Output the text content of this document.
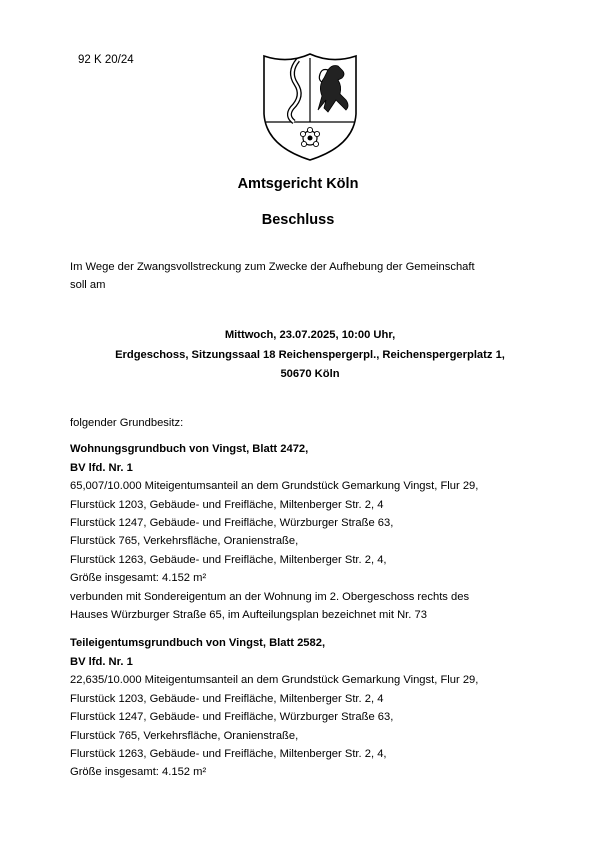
92 K 20/24
Amtsgericht Köln
Beschluss
Im Wege der Zwangsvollstreckung zum Zwecke der Aufhebung der Gemeinschaft
soll am
Mittwoch, 23.07.2025, 10:00 Uhr,
Erdgeschoss, Sitzungssaal 18 Reichenspergerpl., Reichenspergerplatz 1,
50670 Köln

folgender Grundbesitz:

Wohnungsgrundbuch von Vingst, Blatt 2472,

BV lfd. Nr. 1

65,007/10.000 Miteigentumsanteil an dem Grundstück Gemarkung Vingst, Flur 29,

Flurstück 1203, Gebäude- und Freifläche, Miltenberger Str. 2, 4

Flurstück 1247, Gebäude- und Freifläche, Würzburger Straße 63,

Flurstück 765, Verkehrsfläche, Oranienstraße,

Flurstück 1263, Gebäude- und Freifläche, Miltenberger Str. 2, 4,

Größe insgesamt: 4.152 m²

verbunden mit Sondereigentum an der Wohnung im 2. Obergeschoss rechts des

Hauses Würzburger Straße 65, im Aufteilungsplan bezeichnet mit Nr. 73

Teileigentumsgrundbuch von Vingst, Blatt 2582,

BV lfd. Nr. 1

22,635/10.000 Miteigentumsanteil an dem Grundstück Gemarkung Vingst, Flur 29,

Flurstück 1203, Gebäude- und Freifläche, Miltenberger Str. 2, 4

Flurstück 1247, Gebäude- und Freifläche, Würzburger Straße 63,

Flurstück 765, Verkehrsfläche, Oranienstraße,

Flurstück 1263, Gebäude- und Freifläche, Miltenberger Str. 2, 4,

Größe insgesamt: 4.152 m²
